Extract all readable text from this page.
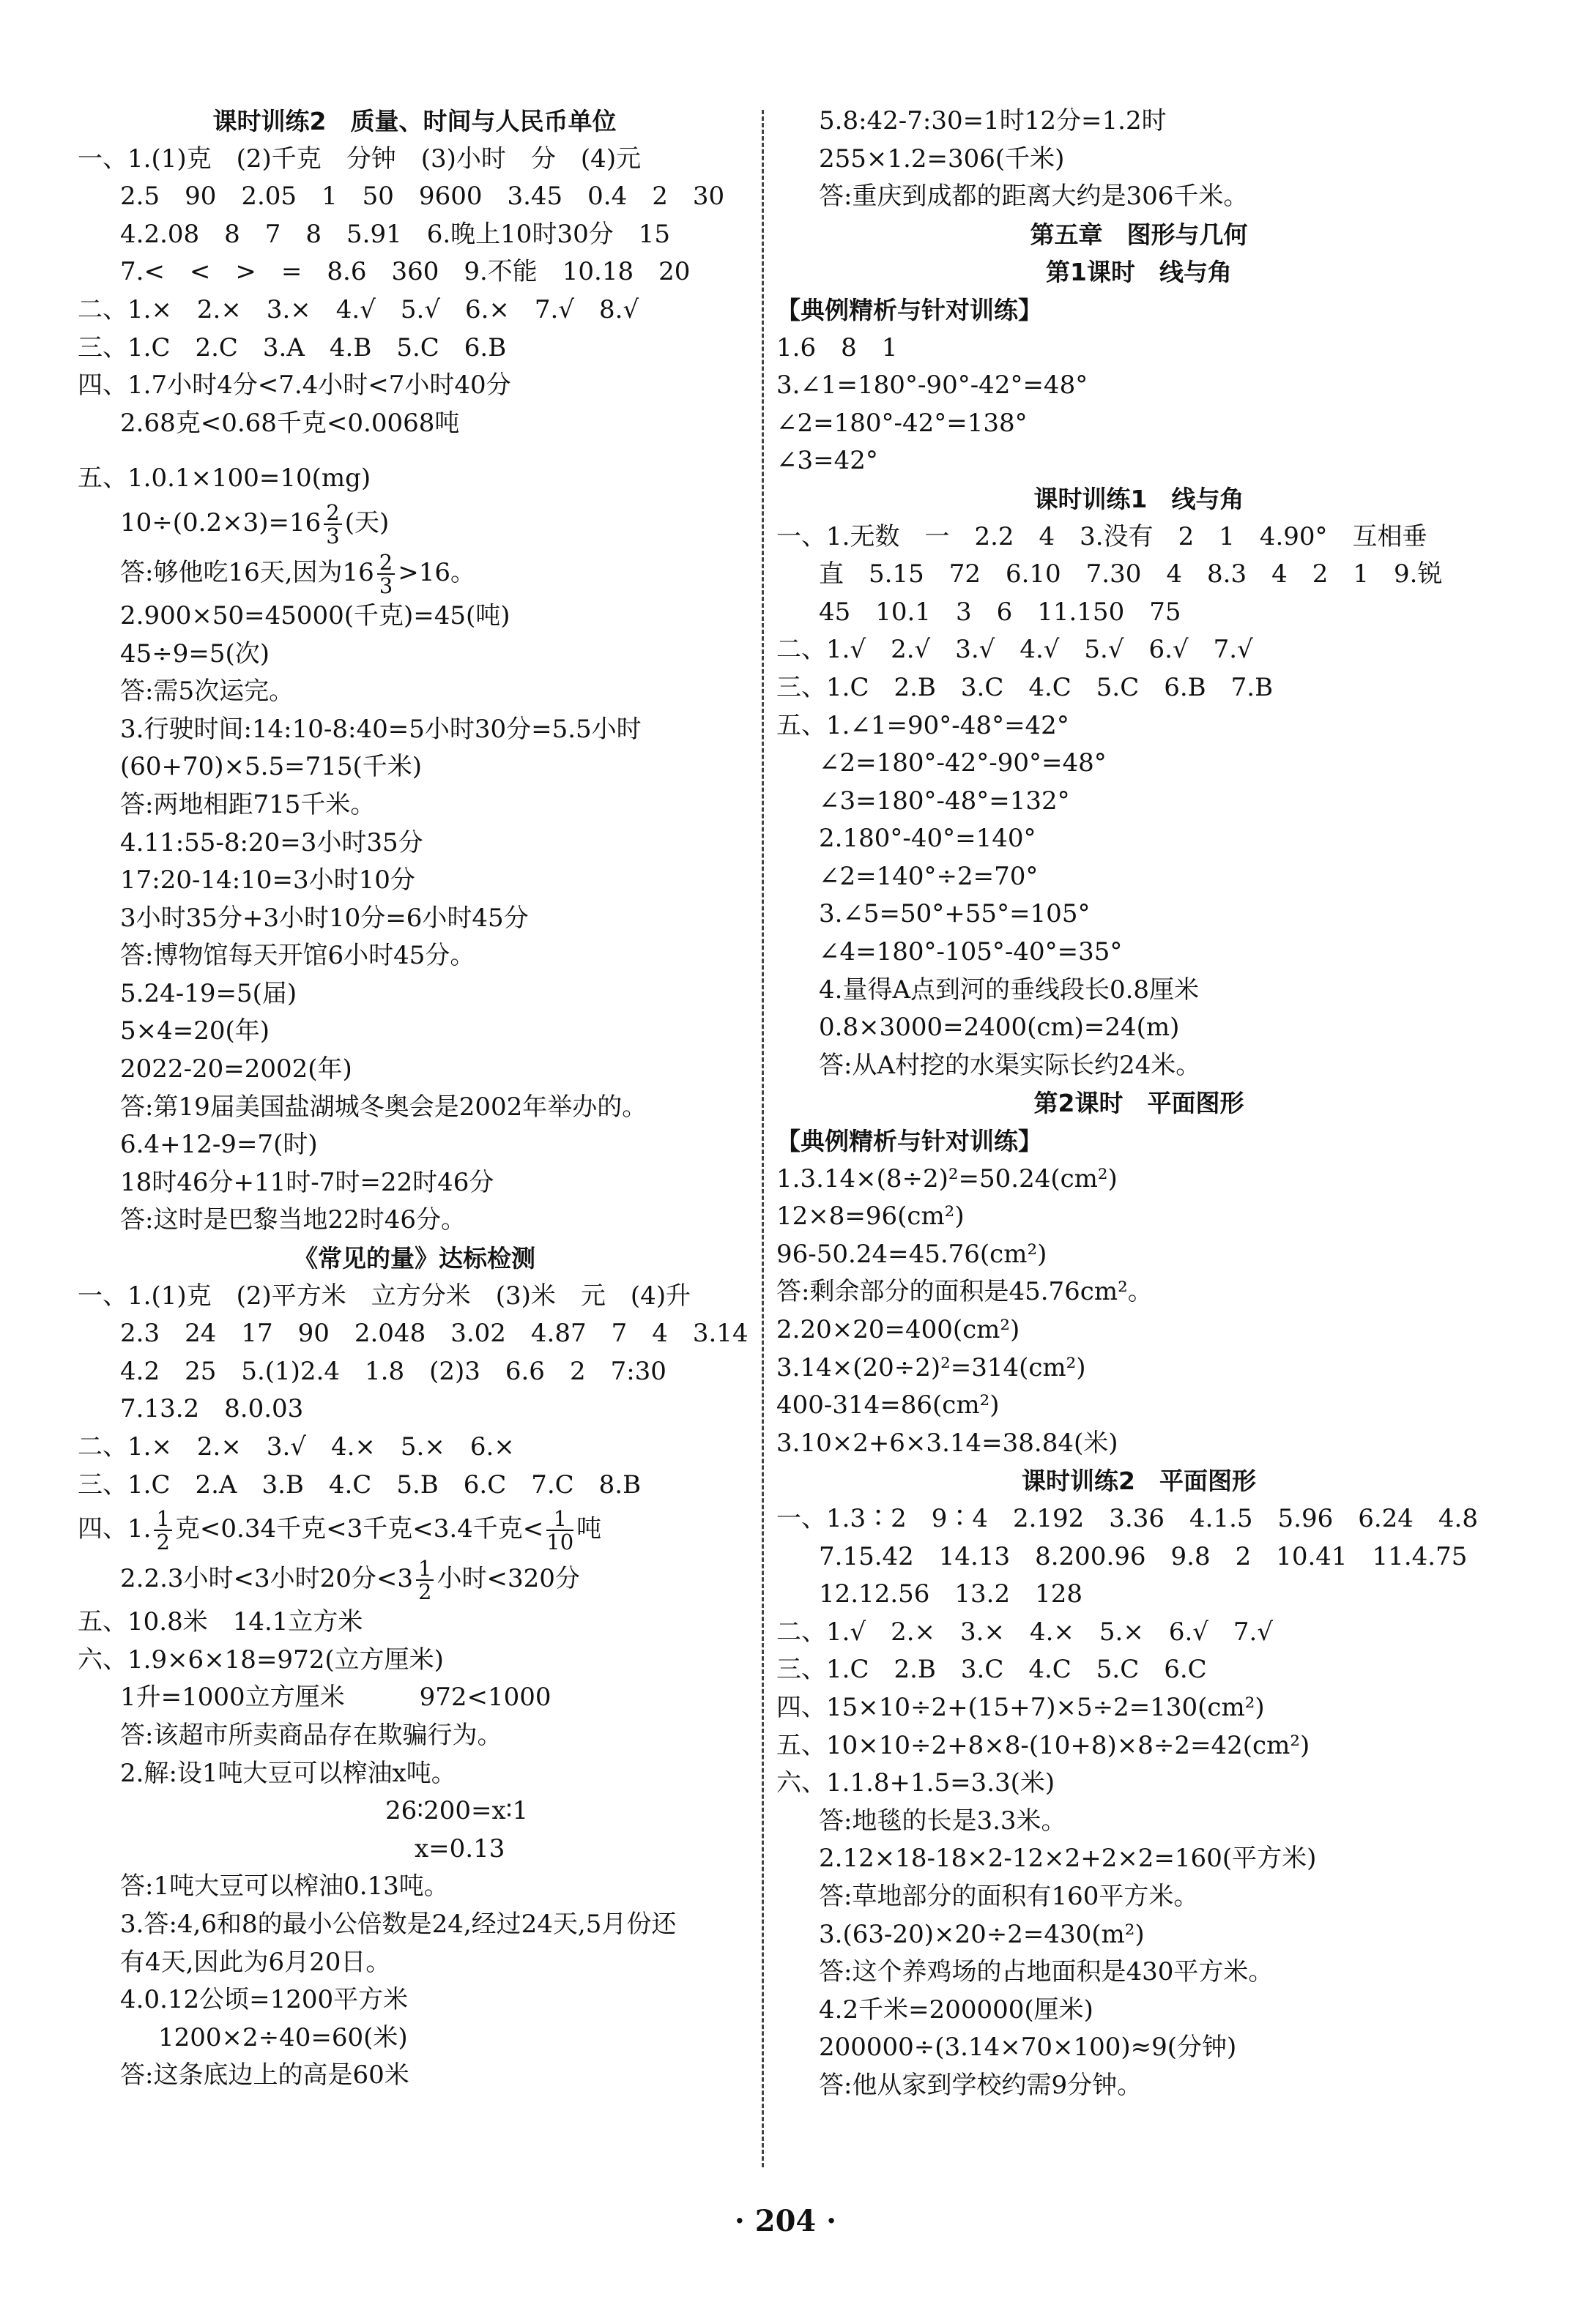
课时训练2　质量、时间与人民币单位
一、1.(1)克　(2)千克　分钟　(3)小时　分　(4)元
2.5　90　2.05　1　50　9600　3.45　0.4　2　30
4.2.08　8　7　8　5.91　6.晚上10时30分　15
7.<　<　>　=　8.6　360　9.不能　10.18　20
二、1.×　2.×　3.×　4.√　5.√　6.×　7.√　8.√
三、1.C　2.C　3.A　4.B　5.C　6.B
四、1.7小时4分<7.4小时<7小时40分
2.68克<0.68千克<0.0068吨
五、1.0.1×100=10(mg)
$10\div(0.2\times 3)=16 \frac{2}{3}$ (天)
答:够他吃16天,因为$16 \frac{2}{3} >16$。
2.900×50=45000(千克)=45(吨)
45÷9=5(次)
答:需5次运完。
3.行驶时间:14:10-8:40=5小时30分=5.5小时
(60+70)×5.5=715(千米)
答:两地相距715千米。
4.11:55-8:20=3小时35分
17:20-14:10=3小时10分
3小时35分+3小时10分=6小时45分
答:博物馆每天开馆6小时45分。
5.24-19=5(届)
5×4=20(年)
2022-20=2002(年)
答:第19届美国盐湖城冬奥会是2002年举办的。
6.4+12-9=7(时)
18时46分+11时-7时=22时46分
答:这时是巴黎当地22时46分。
《常见的量》达标检测
一、1.(1)克　(2)平方米　立方分米　(3)米　元　(4)升
2.3　24　17　90　2.048　3.02　4.87　7　4　3.14
4.2　25　5.(1)2.4　1.8　(2)3　6.6　2　7:30
7.13.2　8.0.03
二、1.×　2.×　3.√　4.×　5.×　6.×
三、1.C　2.A　3.B　4.C　5.B　6.C　7.C　8.B
四、1. $\frac{1}{2}$ 克<0.34千克<3千克<3.4千克< $\frac{1}{10}$ 吨
2.2.3小时<3小时20分$<3 \frac{1}{2}$ 小时<320分
五、10.8米　14.1立方米
六、1.9×6×18=972(立方厘米)
1升=1000立方厘米　　　972<1000
答:该超市所卖商品存在欺骗行为。
2.解:设1吨大豆可以榨油x吨。
26∶200=x∶1
x=0.13
答:1吨大豆可以榨油0.13吨。
3.答:4,6和8的最小公倍数是24,经过24天,5月份还
有4天,因此为6月20日。
4.0.12公顷=1200平方米
1200×2÷40=60(米)
答:这条底边上的高是60米
5.8:42-7:30=1时12分=1.2时
255×1.2=306(千米)
答:重庆到成都的距离大约是306千米。
第五章　图形与几何
第1课时　线与角
【典例精析与针对训练】
1.6　8　1
3.∠1=180°-90°-42°=48°
∠2=180°-42°=138°
∠3=42°
课时训练1　线与角
一、1.无数　一　2.2　4　3.没有　2　1　4.90°　互相垂
直　5.15　72　6.10　7.30　4　8.3　4　2　1　9.锐
45　10.1　3　6　11.150　75
二、1.√　2.√　3.√　4.√　5.√　6.√　7.√
三、1.C　2.B　3.C　4.C　5.C　6.B　7.B
五、1.∠1=90°-48°=42°
∠2=180°-42°-90°=48°
∠3=180°-48°=132°
2.180°-40°=140°
∠2=140°÷2=70°
3.∠5=50°+55°=105°
∠4=180°-105°-40°=35°
4.量得A点到河的垂线段长0.8厘米
0.8×3000=2400(cm)=24(m)
答:从A村挖的水渠实际长约24米。
第2课时　平面图形
【典例精析与针对训练】
1.3.14×(8÷2)²=50.24(cm²)
12×8=96(cm²)
96-50.24=45.76(cm²)
答:剩余部分的面积是45.76cm²。
2.20×20=400(cm²)
3.14×(20÷2)²=314(cm²)
400-314=86(cm²)
3.10×2+6×3.14=38.84(米)
课时训练2　平面图形
一、1.3∶2　9∶4　2.192　3.36　4.1.5　5.96　6.24　4.8
7.15.42　14.13　8.200.96　9.8　2　10.41　11.4.75
12.12.56　13.2　128
二、1.√　2.×　3.×　4.×　5.×　6.√　7.√
三、1.C　2.B　3.C　4.C　5.C　6.C
四、15×10÷2+(15+7)×5÷2=130(cm²)
五、10×10÷2+8×8-(10+8)×8÷2=42(cm²)
六、1.1.8+1.5=3.3(米)
答:地毯的长是3.3米。
2.12×18-18×2-12×2+2×2=160(平方米)
答:草地部分的面积有160平方米。
3.(63-20)×20÷2=430(m²)
答:这个养鸡场的占地面积是430平方米。
4.2千米=200000(厘米)
200000÷(3.14×70×100)≈9(分钟)
答:他从家到学校约需9分钟。
· 204 ·
